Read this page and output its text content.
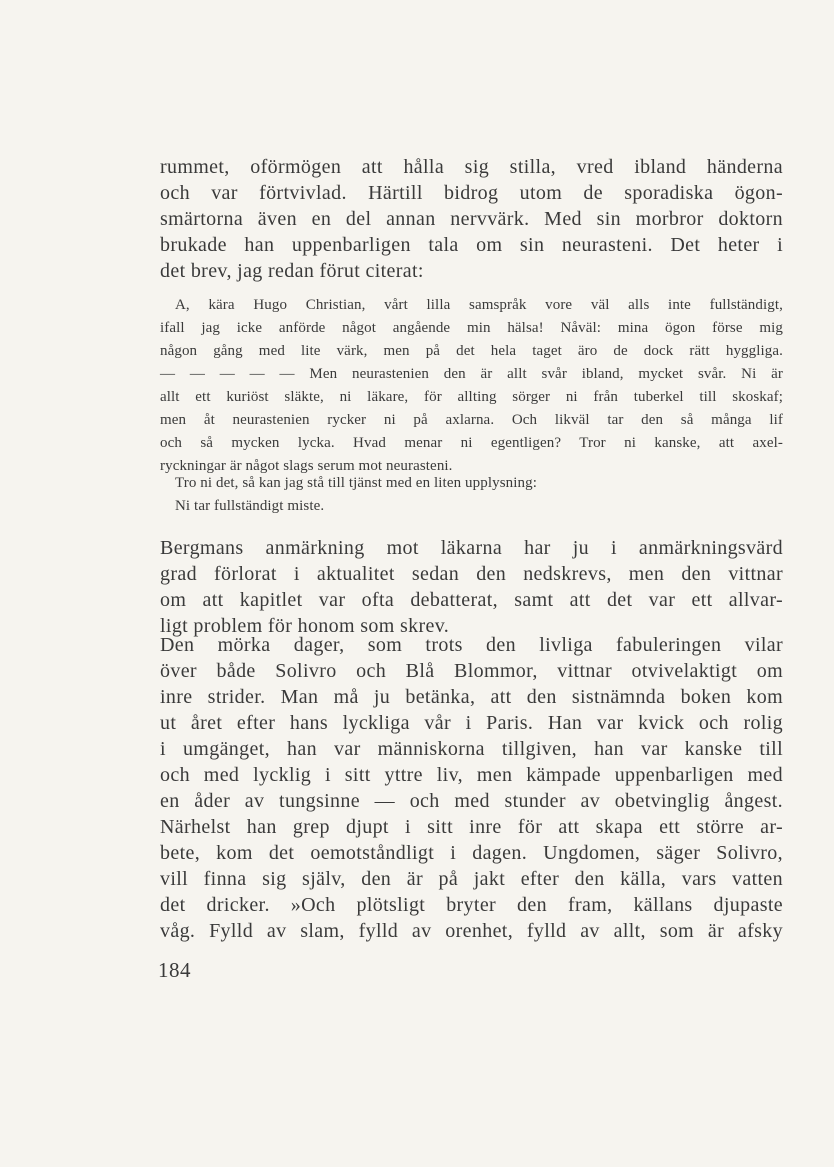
rummet, oförmögen att hålla sig stilla, vred ibland händerna
och var förtvivlad. Härtill bidrog utom de sporadiska ögon-
smärtorna även en del annan nervvärk. Med sin morbror doktorn
brukade han uppenbarligen tala om sin neurasteni. Det heter i
det brev, jag redan förut citerat:
A, kära Hugo Christian, vårt lilla samspråk vore väl alls inte fullständigt,
ifall jag icke anförde något angående min hälsa! Nåväl: mina ögon förse mig
någon gång med lite värk, men på det hela taget äro de dock rätt hyggliga.
— — — — — Men neurastenien den är allt svår ibland, mycket svår. Ni är
allt ett kuriöst släkte, ni läkare, för allting sörger ni från tuberkel till skoskaf;
men åt neurastenien rycker ni på axlarna. Och likväl tar den så många lif
och så mycken lycka. Hvad menar ni egentligen? Tror ni kanske, att axel-
ryckningar är något slags serum mot neurasteni.
Tro ni det, så kan jag stå till tjänst med en liten upplysning:
Ni tar fullständigt miste.
Bergmans anmärkning mot läkarna har ju i anmärkningsvärd
grad förlorat i aktualitet sedan den nedskrevs, men den vittnar
om att kapitlet var ofta debatterat, samt att det var ett allvar-
ligt problem för honom som skrev.
Den mörka dager, som trots den livliga fabuleringen vilar
över både Solivro och Blå Blommor, vittnar otvivelaktigt om
inre strider. Man må ju betänka, att den sistnämnda boken kom
ut året efter hans lyckliga vår i Paris. Han var kvick och rolig
i umgänget, han var människorna tillgiven, han var kanske till
och med lycklig i sitt yttre liv, men kämpade uppenbarligen med
en åder av tungsinne — och med stunder av obetvinglig ångest.
Närhelst han grep djupt i sitt inre för att skapa ett större ar-
bete, kom det oemotståndligt i dagen. Ungdomen, säger Solivro,
vill finna sig själv, den är på jakt efter den källa, vars vatten
det dricker. »Och plötsligt bryter den fram, källans djupaste
våg. Fylld av slam, fylld av orenhet, fylld av allt, som är afsky
184
